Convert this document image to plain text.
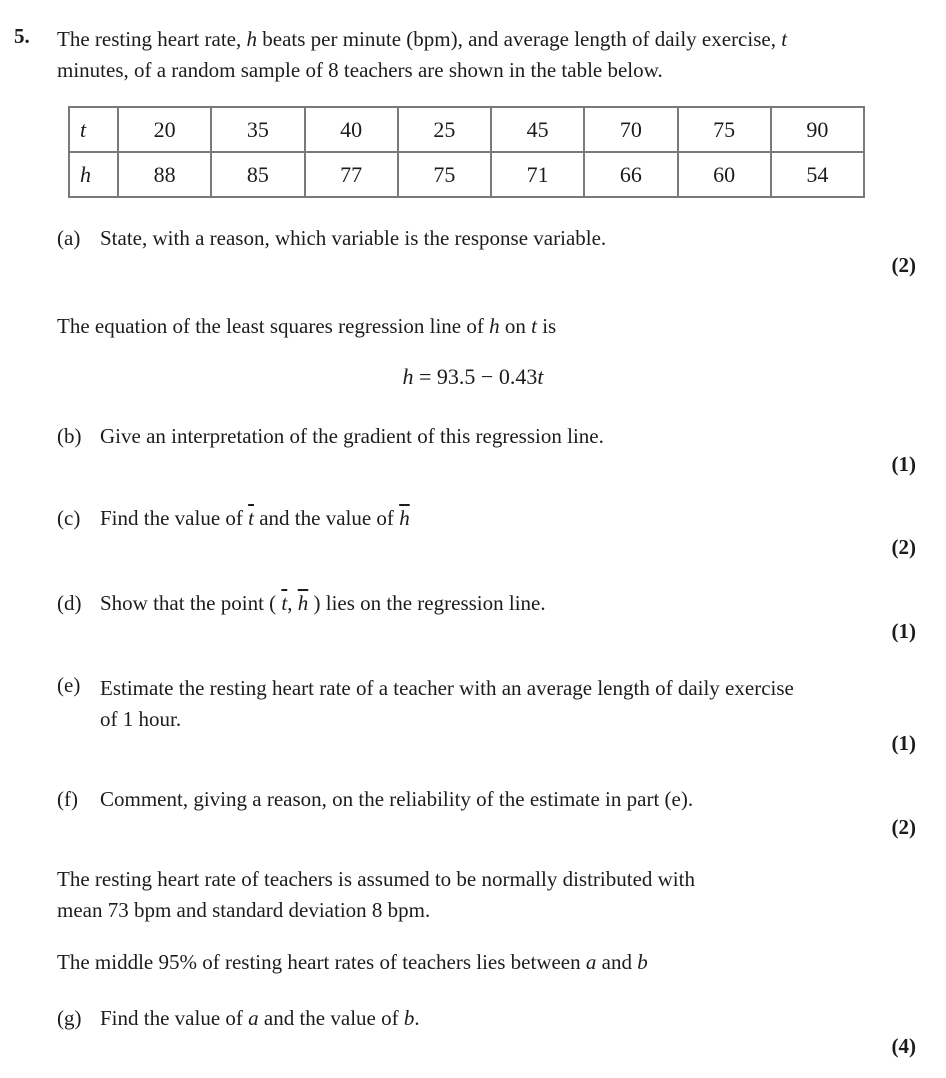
5. The resting heart rate, h beats per minute (bpm), and average length of daily exercise, t
minutes, of a random sample of 8 teachers are shown in the table below.
t	20	35	40	25	45	70	75	90
h	88	85	77	75	71	66	60	54
(a) State, with a reason, which variable is the response variable.
(2)
The equation of the least squares regression line of h on t is
h = 93.5 − 0.43t
(b) Give an interpretation of the gradient of this regression line.
(1)
(c) Find the value of $\overline{t}$ and the value of $\overline{h}$
(2)
(d) Show that the point ( $\overline{t}$, $\overline{h}$ ) lies on the regression line.
(1)
(e) Estimate the resting heart rate of a teacher with an average length of daily exercise
of 1 hour.
(1)
(f) Comment, giving a reason, on the reliability of the estimate in part (e).
(2)
The resting heart rate of teachers is assumed to be normally distributed with
mean 73 bpm and standard deviation 8 bpm.
The middle 95% of resting heart rates of teachers lies between a and b
(g) Find the value of a and the value of b.
(4)
